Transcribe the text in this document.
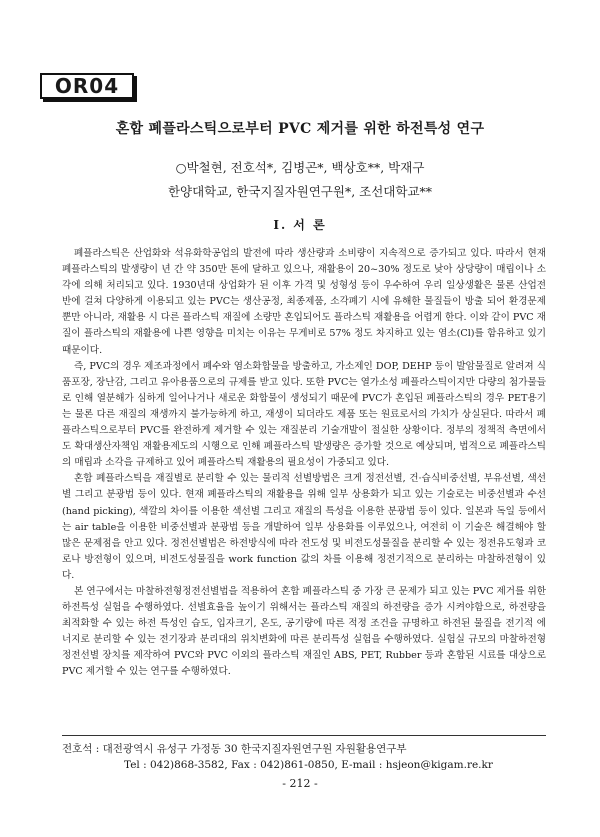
OR04
혼합 폐플라스틱으로부터 PVC 제거를 위한 하전특성 연구
○박철현, 전호석*, 김병곤*, 백상호**, 박재구
한양대학교, 한국지질자원연구원*, 조선대학교**
I. 서 론

폐플라스틱은 산업화와 석유화학공업의 발전에 따라 생산량과 소비량이 지속적으로 증가되고 있다. 따라서 현재 폐플라스틱의 발생량이 년 간 약 350만 톤에 달하고 있으나, 재활용이 20~30% 정도로 낮아 상당량이 매립이나 소각에 의해 처리되고 있다. 1930년대 상업화가 된 이후 가격 및 성형성 등이 우수하여 우리 일상생활은 물론 산업전반에 걸쳐 다양하게 이용되고 있는 PVC는 생산공정, 최종제품, 소각폐기 시에 유해한 물질들이 방출 되어 환경문제뿐만 아니라, 재활용 시 다른 플라스틱 재질에 소량만 혼입되어도 플라스틱 재활용을 어렵게 한다. 이와 같이 PVC 재질이 플라스틱의 재활용에 나쁜 영향을 미치는 이유는 무게비로 57% 정도 차지하고 있는 염소(Cl)를 함유하고 있기 때문이다.

즉, PVC의 경우 제조과정에서 폐수와 염소화합물을 방출하고, 가소제인 DOP, DEHP 등이 발암물질로 알려져 식품포장, 장난감, 그리고 유아용품으로의 규제를 받고 있다. 또한 PVC는 열가소성 폐플라스틱이지만 다량의 첨가물들로 인해 열분해가 심하게 일어나거나 새로운 화합물이 생성되기 때문에 PVC가 혼입된 폐플라스틱의 경우 PET용기는 물론 다른 재질의 재생까지 불가능하게 하고, 재생이 되더라도 제품 또는 원료로서의 가치가 상실된다. 따라서 폐플라스틱으로부터 PVC를 완전하게 제거할 수 있는 재질분리 기술개발이 절실한 상황이다. 정부의 정책적 측면에서도 확대생산자책임 재활용제도의 시행으로 인해 폐플라스틱 발생량은 증가할 것으로 예상되며, 법적으로 폐플라스틱의 매립과 소각을 규제하고 있어 폐플라스틱 재활용의 필요성이 가중되고 있다.

혼합 폐플라스틱을 재질별로 분리할 수 있는 물리적 선별방법은 크게 정전선별, 건·습식비중선별, 부유선별, 색선별 그리고 분광법 등이 있다. 현재 폐플라스틱의 재활용을 위해 일부 상용화가 되고 있는 기술로는 비중선별과 수선(hand picking), 색깔의 차이를 이용한 색선별 그리고 재질의 특성을 이용한 분광법 등이 있다. 일본과 독일 등에서는 air table을 이용한 비중선별과 분광법 등을 개발하여 일부 상용화를 이루었으나, 여전히 이 기술은 해결해야 할 많은 문제점을 안고 있다. 정전선별법은 하전방식에 따라 전도성 및 비전도성물질을 분리할 수 있는 정전유도형과 코로나 방전형이 있으며, 비전도성물질을 work function 값의 차를 이용해 정전기적으로 분리하는 마찰하전형이 있다.

본 연구에서는 마찰하전형정전선별법을 적용하여 혼합 폐플라스틱 중 가장 큰 문제가 되고 있는 PVC 제거를 위한 하전특성 실험을 수행하였다. 선별효율을 높이기 위해서는 플라스틱 재질의 하전량을 증가 시켜야함으로, 하전량을 최적화할 수 있는 하전 특성인 습도, 입자크기, 온도, 공기량에 따른 적정 조건을 규명하고 하전된 물질을 전기적 에너지로 분리할 수 있는 전기장과 분리대의 위치변화에 따른 분리특성 실험을 수행하였다. 실험실 규모의 마찰하전형정전선별 장치를 제작하여 PVC와 PVC 이외의 플라스틱 재질인 ABS, PET, Rubber 등과 혼합된 시료를 대상으로 PVC 제거할 수 있는 연구를 수행하였다.

전호석 : 대전광역시 유성구 가정동 30 한국지질자원연구원 자원활용연구부
Tel : 042)868-3582, Fax : 042)861-0850, E-mail : hsjeon@kigam.re.kr
- 212 -
